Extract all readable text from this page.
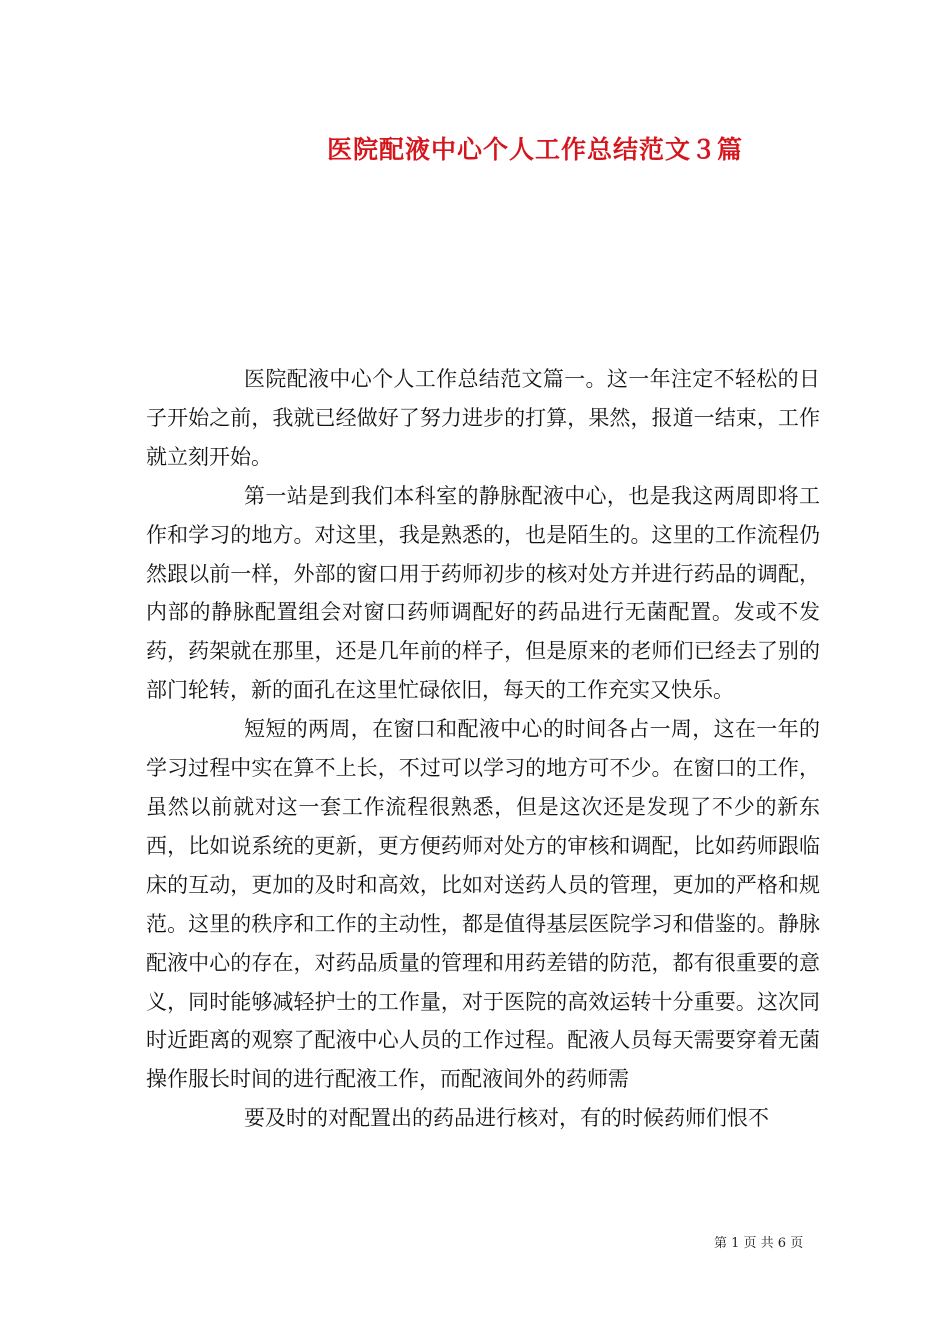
医院配液中心个人工作总结范文３篇

医院配液中心个人工作总结范文篇一。这一年注定不轻松的日子开始之前，我就已经做好了努力进步的打算，果然，报道一结束，工作就立刻开始。

第一站是到我们本科室的静脉配液中心，也是我这两周即将工作和学习的地方。对这里，我是熟悉的，也是陌生的。这里的工作流程仍然跟以前一样，外部的窗口用于药师初步的核对处方并进行药品的调配，内部的静脉配置组会对窗口药师调配好的药品进行无菌配置。发或不发药，药架就在那里，还是几年前的样子，但是原来的老师们已经去了别的部门轮转，新的面孔在这里忙碌依旧，每天的工作充实又快乐。

短短的两周，在窗口和配液中心的时间各占一周，这在一年的学习过程中实在算不上长，不过可以学习的地方可不少。在窗口的工作，虽然以前就对这一套工作流程很熟悉，但是这次还是发现了不少的新东西，比如说系统的更新，更方便药师对处方的审核和调配，比如药师跟临床的互动，更加的及时和高效，比如对送药人员的管理，更加的严格和规范。这里的秩序和工作的主动性，都是值得基层医院学习和借鉴的。静脉配液中心的存在，对药品质量的管理和用药差错的防范，都有很重要的意义，同时能够减轻护士的工作量，对于医院的高效运转十分重要。这次同时近距离的观察了配液中心人员的工作过程。配液人员每天需要穿着无菌操作服长时间的进行配液工作，而配液间外的药师需

要及时的对配置出的药品进行核对，有的时候药师们恨不

第 1 页 共 6 页
